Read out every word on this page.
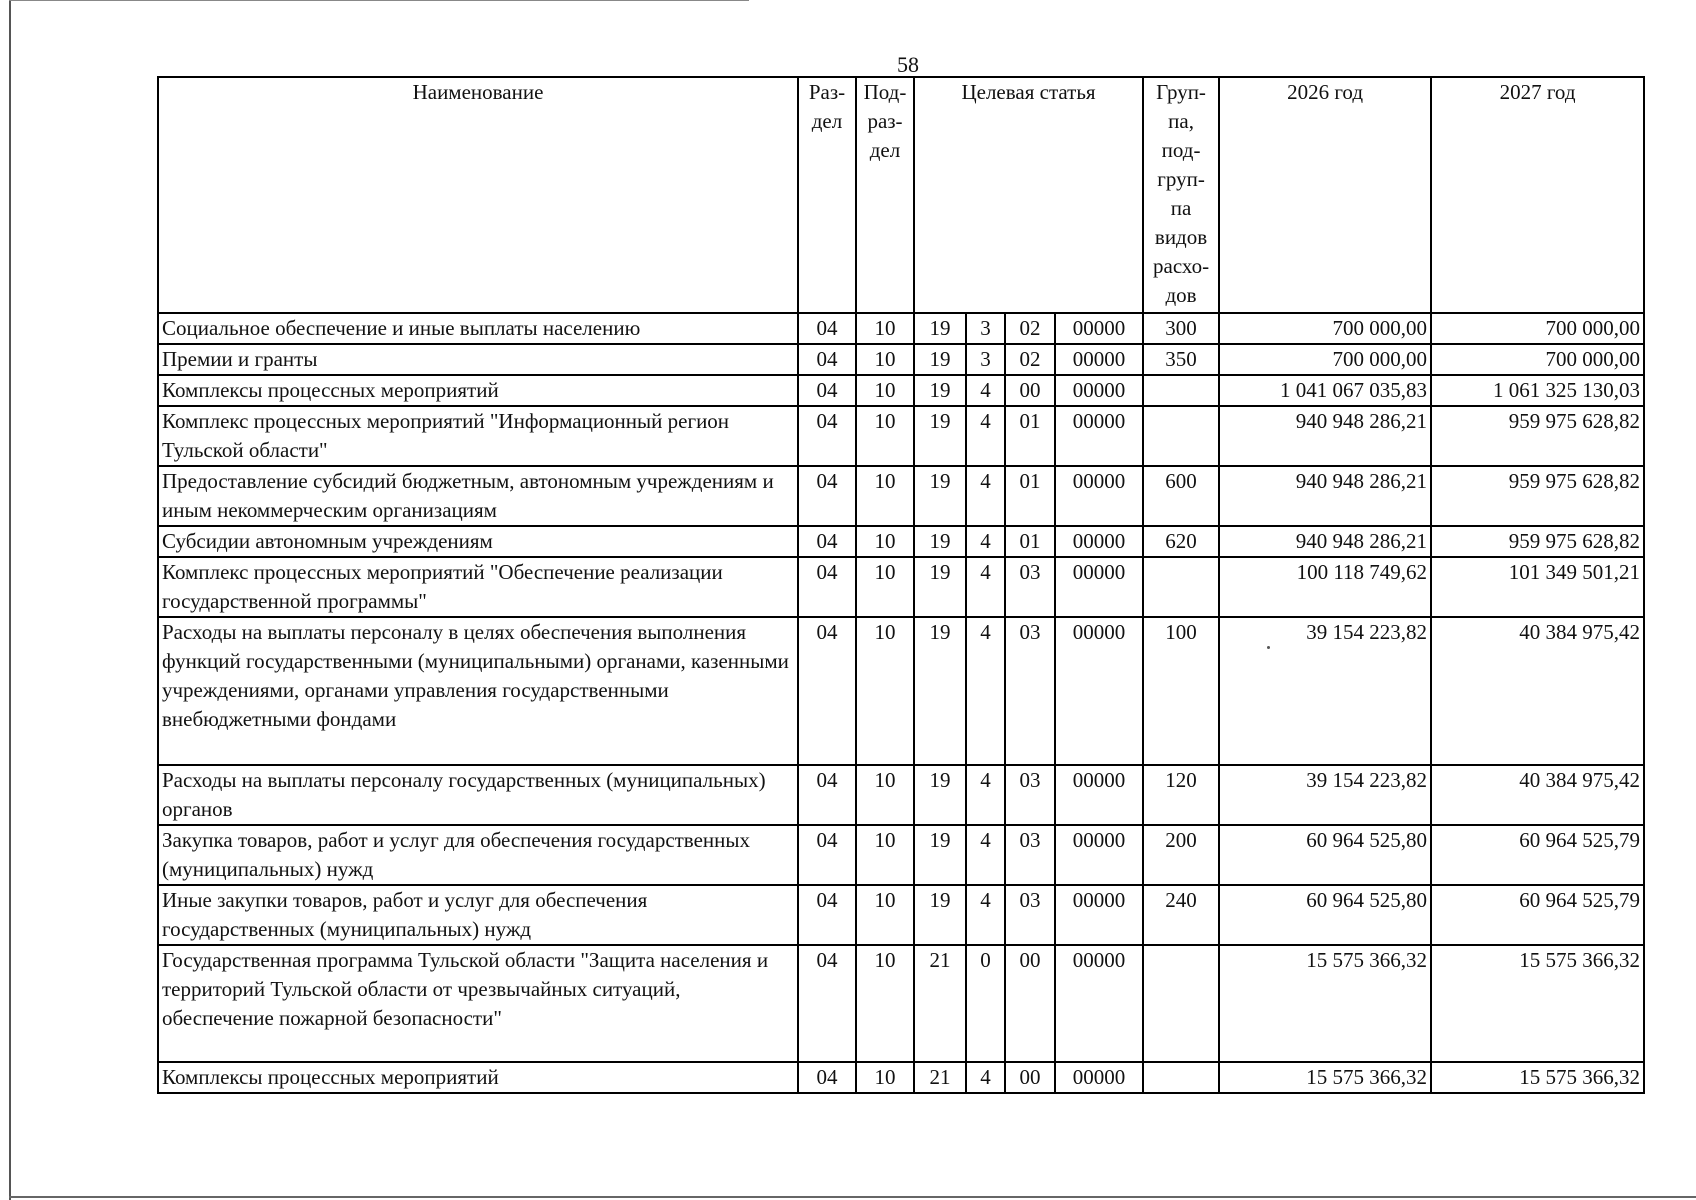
58
Наименование	Раз-дел	Под-раз-дел	Целевая статья				Груп-па, под-груп-па видов расхо-дов	2026 год	2027 год
Социальное обеспечение и иные выплаты населению	04	10	19	3	02	00000	300	700 000,00	700 000,00
Премии и гранты	04	10	19	3	02	00000	350	700 000,00	700 000,00
Комплексы процессных мероприятий	04	10	19	4	00	00000		1 041 067 035,83	1 061 325 130,03
Комплекс процессных мероприятий "Информационный регион Тульской области"	04	10	19	4	01	00000		940 948 286,21	959 975 628,82
Предоставление субсидий бюджетным, автономным учреждениям и иным некоммерческим организациям	04	10	19	4	01	00000	600	940 948 286,21	959 975 628,82
Субсидии автономным учреждениям	04	10	19	4	01	00000	620	940 948 286,21	959 975 628,82
Комплекс процессных мероприятий "Обеспечение реализации государственной программы"	04	10	19	4	03	00000		100 118 749,62	101 349 501,21
Расходы на выплаты персоналу в целях обеспечения выполнения функций государственными (муниципальными) органами, казенными учреждениями, органами управления государственными внебюджетными фондами	04	10	19	4	03	00000	100	39 154 223,82	40 384 975,42
Расходы на выплаты персоналу государственных (муниципальных) органов	04	10	19	4	03	00000	120	39 154 223,82	40 384 975,42
Закупка товаров, работ и услуг для обеспечения государственных (муниципальных) нужд	04	10	19	4	03	00000	200	60 964 525,80	60 964 525,79
Иные закупки товаров, работ и услуг для обеспечения государственных (муниципальных) нужд	04	10	19	4	03	00000	240	60 964 525,80	60 964 525,79
Государственная программа Тульской области "Защита населения и территорий Тульской области от чрезвычайных ситуаций, обеспечение пожарной безопасности"	04	10	21	0	00	00000		15 575 366,32	15 575 366,32
Комплексы процессных мероприятий	04	10	21	4	00	00000		15 575 366,32	15 575 366,32
